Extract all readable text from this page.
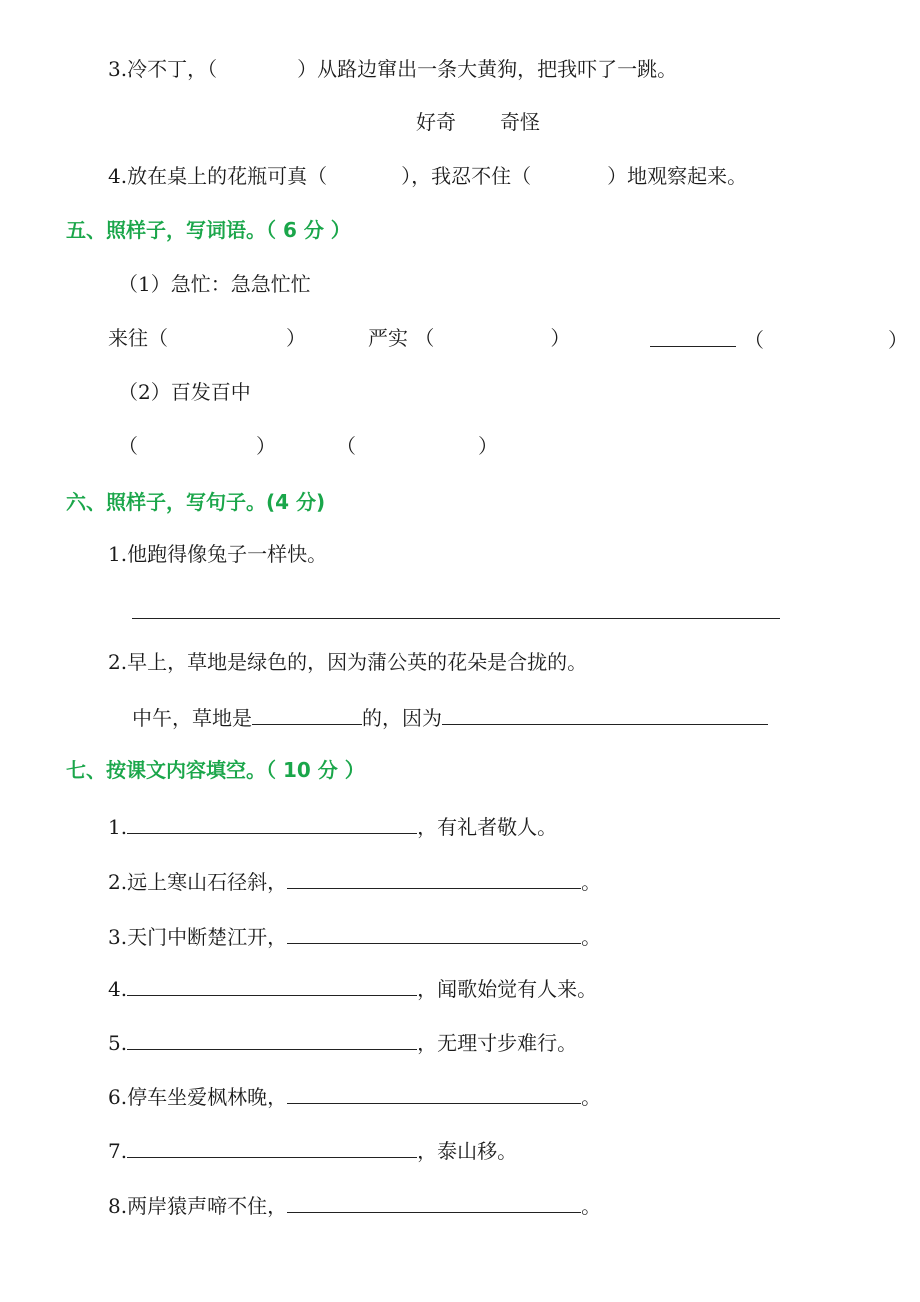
3.冷不丁，（	）从路边窜出一条大黄狗，把我吓了一跳。
好奇 奇怪
4.放在桌上的花瓶可真（	），我忍不住（	）地观察起来。
五、照样子，写词语。（ 6 分 ）
（1）急忙：急急忙忙
来往（	）	严实 （	）	（	）
（2）百发百中
（	）	（	）
六、照样子，写句子。(4 分)
1.他跑得像兔子一样快。
2.早上，草地是绿色的，因为蒲公英的花朵是合拢的。
中午，草地是	的，因为
七、按课文内容填空。（ 10 分 ）
1.	，有礼者敬人。
2.远上寒山石径斜，	。
3.天门中断楚江开，	。
4.	，闻歌始觉有人来。
5.	，无理寸步难行。
6.停车坐爱枫林晚，	。
7.	，泰山移。
8.两岸猿声啼不住，	。
